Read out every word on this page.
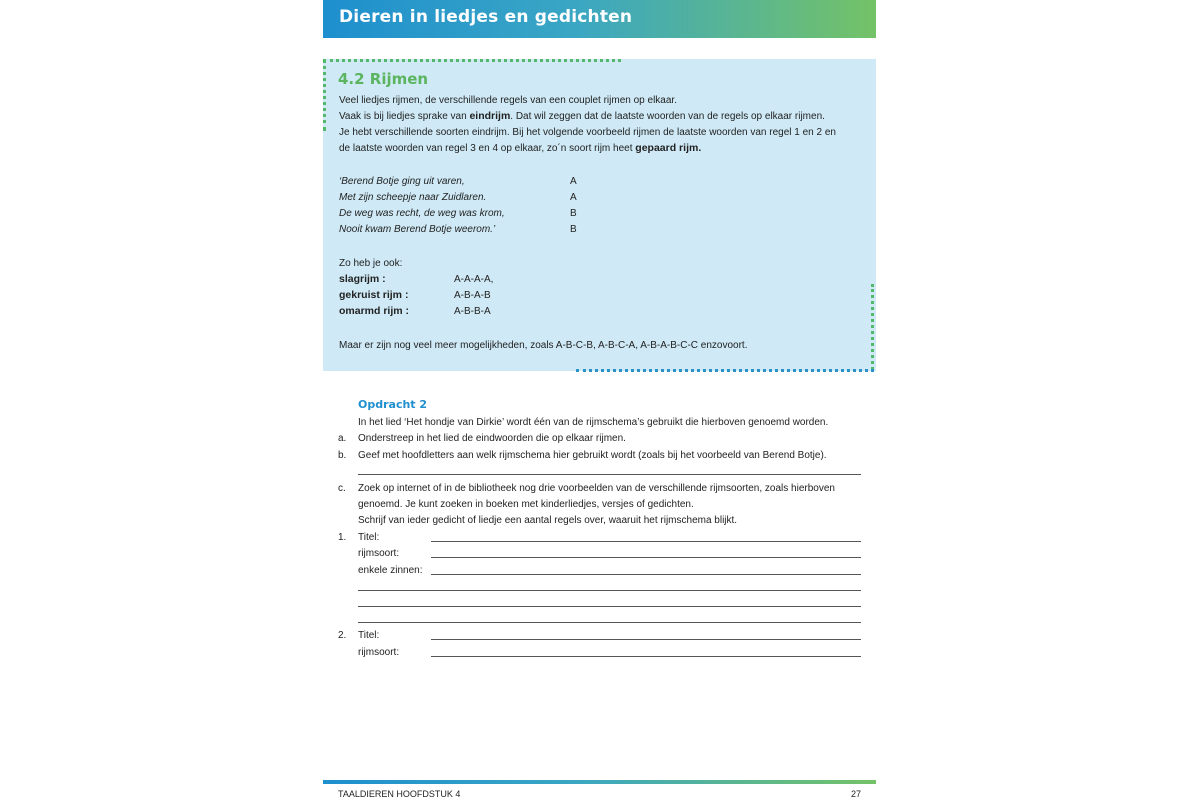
Dieren in liedjes en gedichten
4.2 Rijmen
Veel liedjes rijmen, de verschillende regels van een couplet rijmen op elkaar.
Vaak is bij liedjes sprake van eindrijm. Dat wil zeggen dat de laatste woorden van de regels op elkaar rijmen.
Je hebt verschillende soorten eindrijm. Bij het volgende voorbeeld rijmen de laatste woorden van regel 1 en 2 en
de laatste woorden van regel 3 en 4 op elkaar, zo´n soort rijm heet gepaard rijm.
‘Berend Botje ging uit varen,	A
Met zijn scheepje naar Zuidlaren.	A
De weg was recht, de weg was krom,	B
Nooit kwam Berend Botje weerom.’	B
Zo heb je ook:
slagrijm :	A-A-A-A,
gekruist rijm :	A-B-A-B
omarmd rijm :	A-B-B-A
Maar er zijn nog veel meer mogelijkheden, zoals A-B-C-B, A-B-C-A, A-B-A-B-C-C enzovoort.
Opdracht 2
In het lied ‘Het hondje van Dirkie’ wordt één van de rijmschema’s gebruikt die hierboven genoemd worden.
a. Onderstreep in het lied de eindwoorden die op elkaar rijmen.
b. Geef met hoofdletters aan welk rijmschema hier gebruikt wordt (zoals bij het voorbeeld van Berend Botje).
c. Zoek op internet of in de bibliotheek nog drie voorbeelden van de verschillende rijmsoorten, zoals hierboven
genoemd. Je kunt zoeken in boeken met kinderliedjes, versjes of gedichten.
Schrijf van ieder gedicht of liedje een aantal regels over, waaruit het rijmschema blijkt.
1. Titel:
rijmsoort:
enkele zinnen:
2. Titel:
rijmsoort:
TAALDIEREN HOOFDSTUK 4	27
